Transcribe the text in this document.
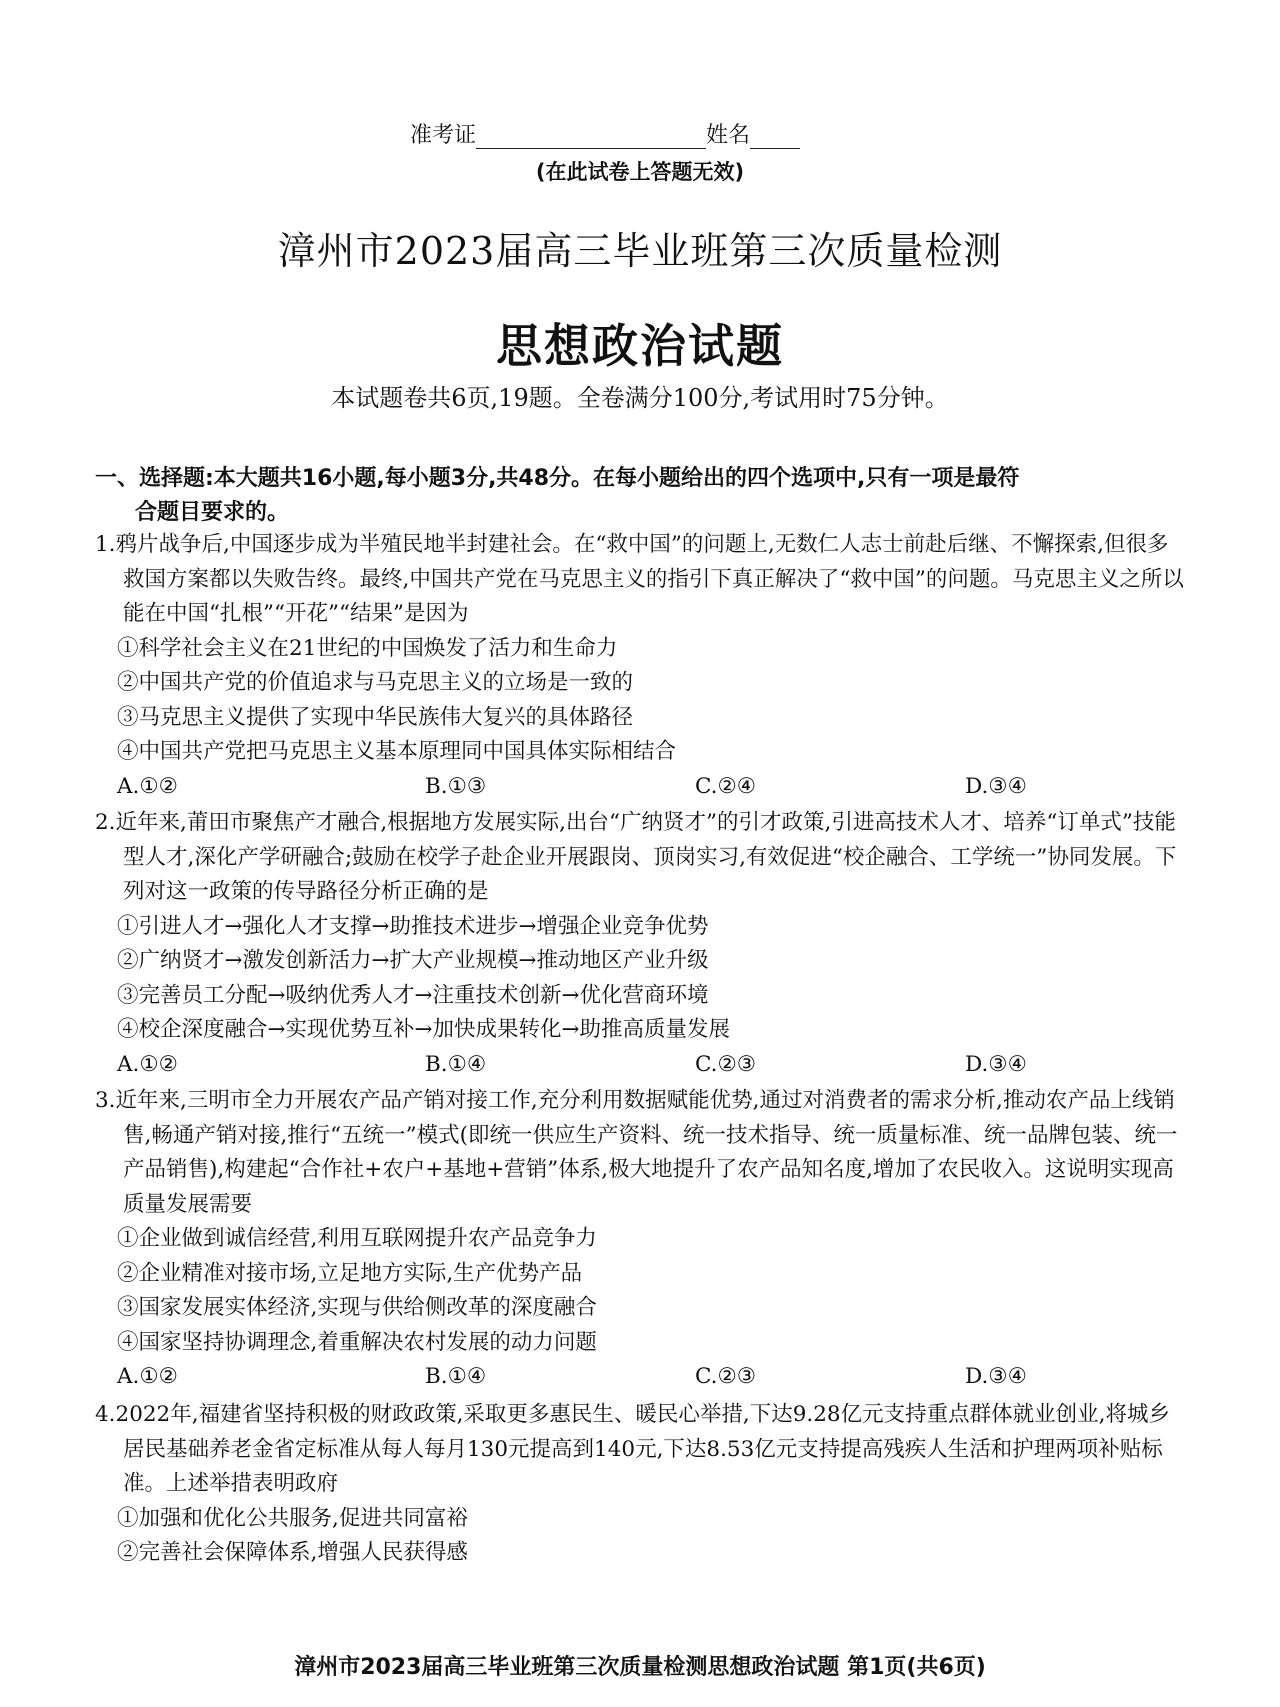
准考证	姓名
(在此试卷上答题无效)
漳州市2023届高三毕业班第三次质量检测
思想政治试题
本试题卷共6页,19题。全卷满分100分,考试用时75分钟。
一、选择题:本大题共16小题,每小题3分,共48分。在每小题给出的四个选项中,只有一项是最符
合题目要求的。
1.鸦片战争后,中国逐步成为半殖民地半封建社会。在“救中国”的问题上,无数仁人志士前赴后继、不懈探索,但很多救国方案都以失败告终。最终,中国共产党在马克思主义的指引下真正解决了“救中国”的问题。马克思主义之所以能在中国“扎根”“开花”“结果”是因为
①科学社会主义在21世纪的中国焕发了活力和生命力
②中国共产党的价值追求与马克思主义的立场是一致的
③马克思主义提供了实现中华民族伟大复兴的具体路径
④中国共产党把马克思主义基本原理同中国具体实际相结合
A.①②	B.①③	C.②④	D.③④
2.近年来,莆田市聚焦产才融合,根据地方发展实际,出台“广纳贤才”的引才政策,引进高技术人才、培养“订单式”技能型人才,深化产学研融合;鼓励在校学子赴企业开展跟岗、顶岗实习,有效促进“校企融合、工学统一”协同发展。下列对这一政策的传导路径分析正确的是
①引进人才→强化人才支撑→助推技术进步→增强企业竞争优势
②广纳贤才→激发创新活力→扩大产业规模→推动地区产业升级
③完善员工分配→吸纳优秀人才→注重技术创新→优化营商环境
④校企深度融合→实现优势互补→加快成果转化→助推高质量发展
A.①②	B.①④	C.②③	D.③④
3.近年来,三明市全力开展农产品产销对接工作,充分利用数据赋能优势,通过对消费者的需求分析,推动农产品上线销售,畅通产销对接,推行“五统一”模式(即统一供应生产资料、统一技术指导、统一质量标准、统一品牌包装、统一产品销售),构建起“合作社+农户+基地+营销”体系,极大地提升了农产品知名度,增加了农民收入。这说明实现高质量发展需要
①企业做到诚信经营,利用互联网提升农产品竞争力
②企业精准对接市场,立足地方实际,生产优势产品
③国家发展实体经济,实现与供给侧改革的深度融合
④国家坚持协调理念,着重解决农村发展的动力问题
A.①②	B.①④	C.②③	D.③④
4.2022年,福建省坚持积极的财政政策,采取更多惠民生、暖民心举措,下达9.28亿元支持重点群体就业创业,将城乡居民基础养老金省定标准从每人每月130元提高到140元,下达8.53亿元支持提高残疾人生活和护理两项补贴标准。上述举措表明政府
①加强和优化公共服务,促进共同富裕
②完善社会保障体系,增强人民获得感
漳州市2023届高三毕业班第三次质量检测思想政治试题 第1页(共6页)
